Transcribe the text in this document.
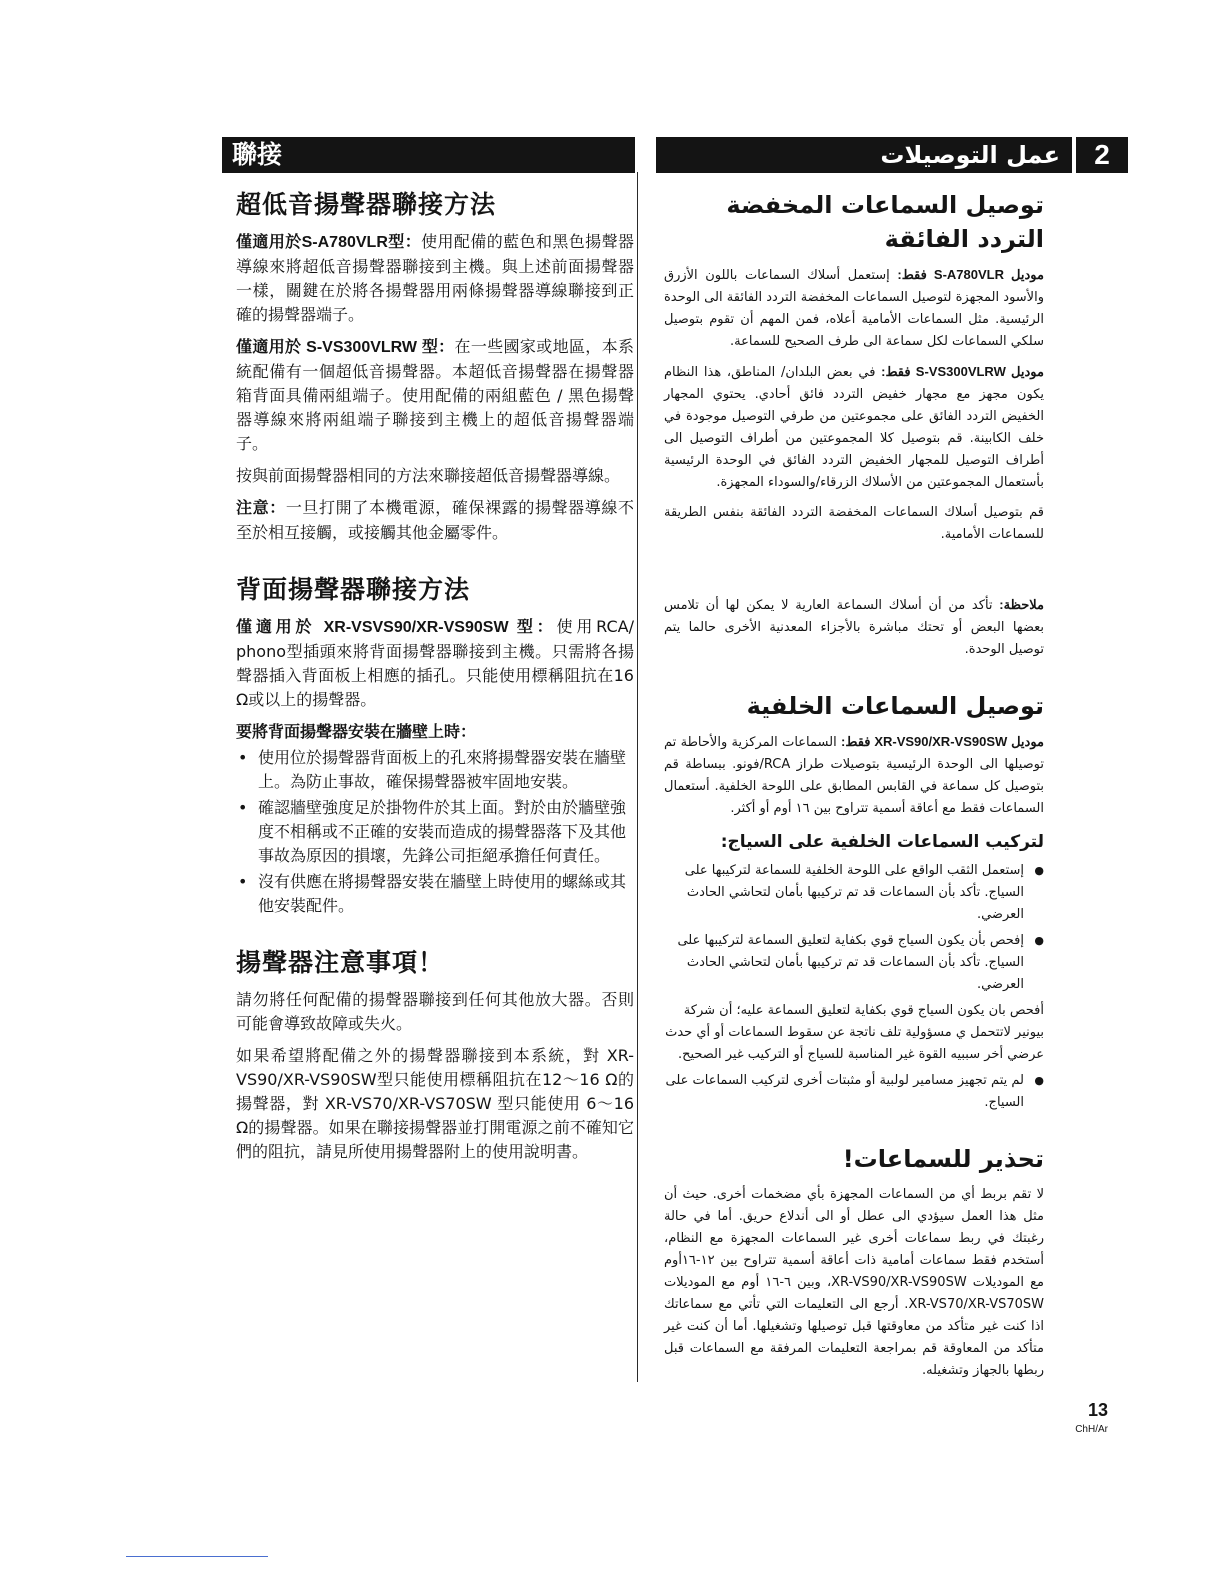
聯接	عمل التوصيلات	2
超低音揚聲器聯接方法

僅適用於S-A780VLR型：使用配備的藍色和黑色揚聲器導線來將超低音揚聲器聯接到主機。與上述前面揚聲器一樣，關鍵在於將各揚聲器用兩條揚聲器導線聯接到正確的揚聲器端子。

僅適用於 S-VS300VLRW 型：在一些國家或地區，本系統配備有一個超低音揚聲器。本超低音揚聲器在揚聲器箱背面具備兩組端子。使用配備的兩組藍色 / 黑色揚聲器導線來將兩組端子聯接到主機上的超低音揚聲器端子。

按與前面揚聲器相同的方法來聯接超低音揚聲器導線。

注意：一旦打開了本機電源，確保裸露的揚聲器導線不至於相互接觸，或接觸其他金屬零件。

背面揚聲器聯接方法

僅適用於 XR-VSVS90/XR-VS90SW 型：使用RCA/ phono型插頭來將背面揚聲器聯接到主機。只需將各揚聲器插入背面板上相應的插孔。只能使用標稱阻抗在16 Ω或以上的揚聲器。

要將背面揚聲器安裝在牆壁上時：
• 使用位於揚聲器背面板上的孔來將揚聲器安裝在牆壁上。為防止事故，確保揚聲器被牢固地安裝。
• 確認牆壁強度足於掛物件於其上面。對於由於牆壁強度不相稱或不正確的安裝而造成的揚聲器落下及其他事故為原因的損壞，先鋒公司拒絕承擔任何責任。
• 沒有供應在將揚聲器安裝在牆壁上時使用的螺絲或其他安裝配件。
揚聲器注意事項！

請勿將任何配備的揚聲器聯接到任何其他放大器。否則可能會導致故障或失火。

如果希望將配備之外的揚聲器聯接到本系統，對 XR-VS90/XR-VS90SW型只能使用標稱阻抗在12～16 Ω的揚聲器，對 XR-VS70/XR-VS70SW 型只能使用 6～16 Ω的揚聲器。如果在聯接揚聲器並打開電源之前不確知它們的阻抗，請見所使用揚聲器附上的使用說明書。

توصيل السماعات المخفضة التردد الفائقة

موديل S-A780VLR فقط: إستعمل أسلاك السماعات باللون الأزرق والأسود المجهزة لتوصيل السماعات المخفضة التردد الفائقة الى الوحدة الرئيسية. مثل السماعات الأمامية أعلاه، فمن المهم أن تقوم بتوصيل سلكي السماعات لكل سماعة الى طرف الصحيح للسماعة.

موديل S-VS300VLRW فقط: في بعض البلدان/ المناطق، هذا النظام يكون مجهز مع مجهار خفيض التردد فائق أحادي. يحتوي المجهار الخفيض التردد الفائق على مجموعتين من طرفي التوصيل موجودة في خلف الكابينة. قم بتوصيل كلا المجموعتين من أطراف التوصيل الى أطراف التوصيل للمجهار الخفيض التردد الفائق في الوحدة الرئيسية بأستعمال المجموعتين من الأسلاك الزرقاء/والسوداء المجهزة.

قم بتوصيل أسلاك السماعات المخفضة التردد الفائقة بنفس الطريقة للسماعات الأمامية.

ملاحظة: تأكد من أن أسلاك السماعة العارية لا يمكن لها أن تلامس بعضها البعض أو تحتك مباشرة بالأجزاء المعدنية الأخرى حالما يتم توصيل الوحدة.

توصيل السماعات الخلفية

موديل XR-VS90/XR-VS90SW فقط: السماعات المركزية والأحاطة تم توصيلها الى الوحدة الرئيسية بتوصيلات طراز RCA/فونو. ببساطة قم بتوصيل كل سماعة في القابس المطابق على اللوحة الخلفية. أستعمال السماعات فقط مع أعاقة أسمية تتراوح بين ١٦ أوم أو أكثر.

لتركيب السماعات الخلفية على السياج:
● إستعمل الثقب الواقع على اللوحة الخلفية للسماعة لتركيبها على السياج. تأكد بأن السماعات قد تم تركيبها بأمان لتحاشي الحادث العرضي.
● إفحص بأن يكون السياج قوي بكفاية لتعليق السماعة لتركيبها على السياج. تأكد بأن السماعات قد تم تركيبها بأمان لتحاشي الحادث العرضي.
أفحص بان يكون السياج قوي بكفاية لتعليق السماعة عليه؛ أن شركة بيونير لاتتحمل ي مسؤولية تلف ناتجة عن سقوط السماعات أو أي حدث عرضي أخر سببيه القوة غير المناسبة للسياج أو التركيب غير الصحيح.
● لم يتم تجهيز مسامير لولبية أو مثبتات أخرى لتركيب السماعات على السياج.
تحذير للسماعات!

لا تقم بربط أي من السماعات المجهزة بأي مضخمات أخرى. حيث أن مثل هذا العمل سيؤدي الى عطل أو الى أندلاع حريق. أما في حالة رغبتك في ربط سماعات أخرى غير السماعات المجهزة مع النظام، أستخدم فقط سماعات أمامية ذات أعاقة أسمية تتراوح بين ١٢-١٦أوم مع الموديلات XR-VS90/XR-VS90SW، وبين ٦-١٦ أوم مع الموديلات XR-VS70/XR-VS70SW. أرجع الى التعليمات التي تأتي مع سماعاتك اذا كنت غير متأكد من معاوقتها قبل توصيلها وتشغيلها. أما أن كنت غير متأكد من المعاوقة قم بمراجعة التعليمات المرفقة مع السماعات قبل ربطها بالجهاز وتشغيله.

13
ChH/Ar
